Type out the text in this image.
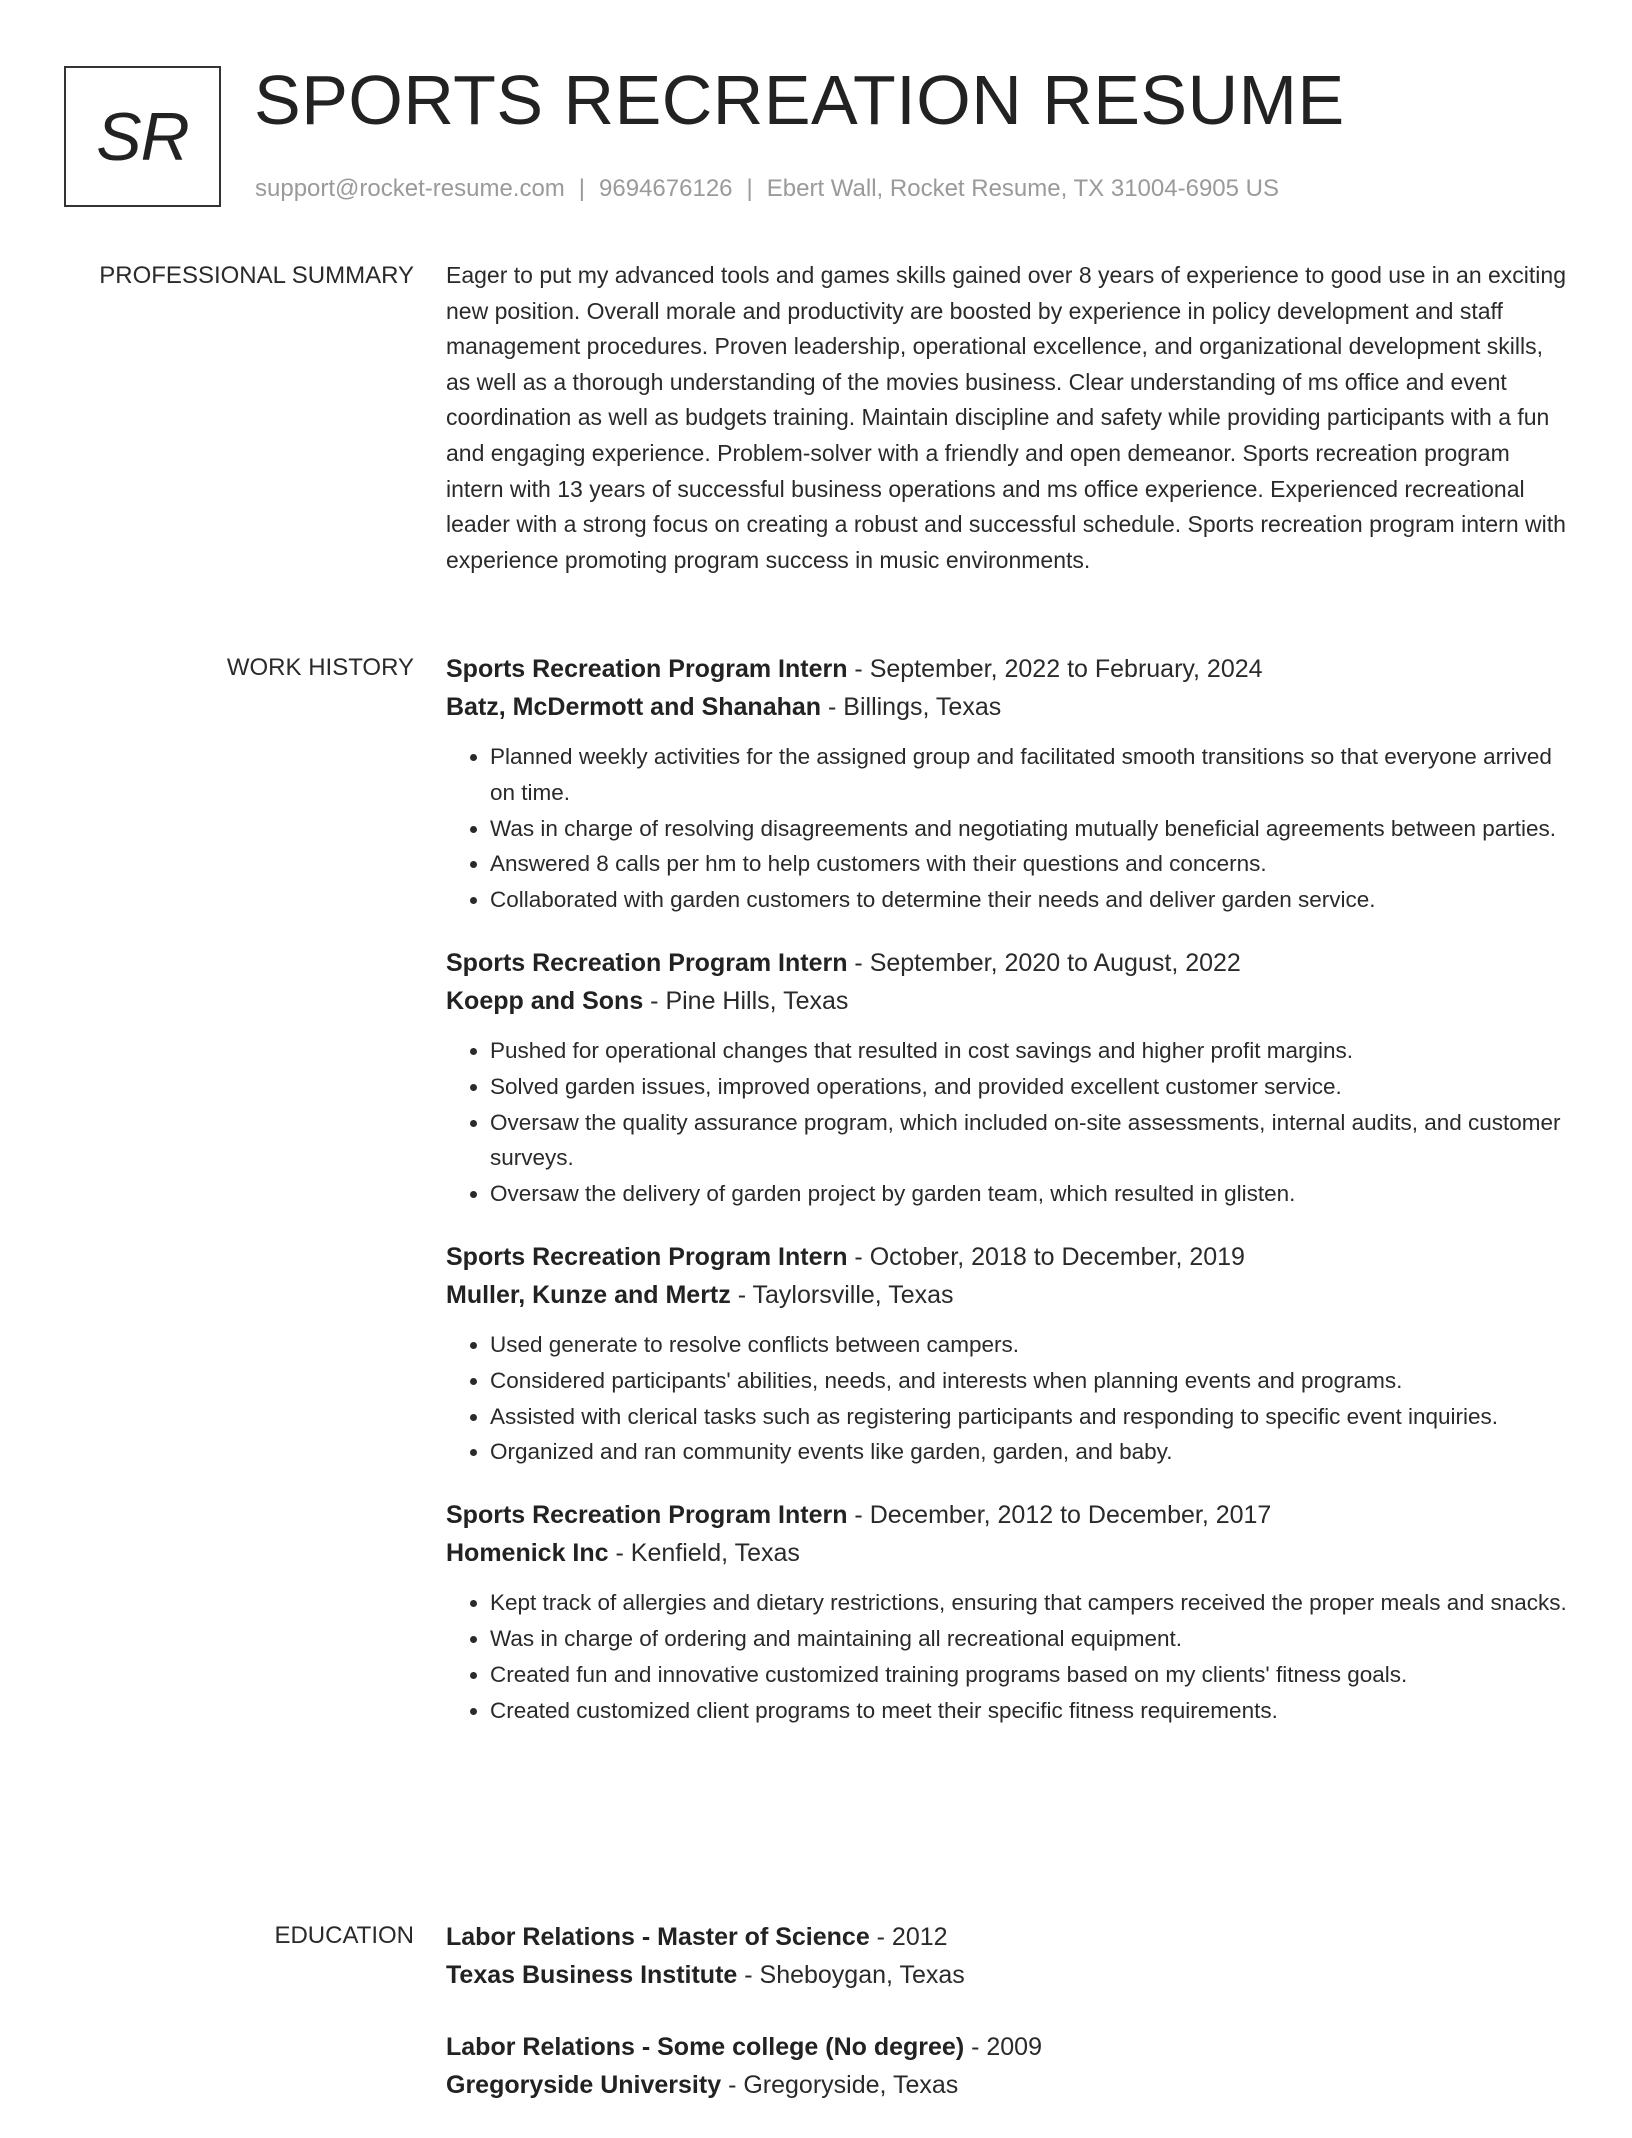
SR SPORTS RECREATION RESUME
support@rocket-resume.com | 9694676126 | Ebert Wall, Rocket Resume, TX 31004-6905 US
PROFESSIONAL SUMMARY Eager to put my advanced tools and games skills gained over 8 years of experience to good use in an exciting new position. Overall morale and productivity are boosted by experience in policy development and staff management procedures. Proven leadership, operational excellence, and organizational development skills, as well as a thorough understanding of the movies business. Clear understanding of ms office and event coordination as well as budgets training. Maintain discipline and safety while providing participants with a fun and engaging experience. Problem-solver with a friendly and open demeanor. Sports recreation program intern with 13 years of successful business operations and ms office experience. Experienced recreational leader with a strong focus on creating a robust and successful schedule. Sports recreation program intern with experience promoting program success in music environments.

WORK HISTORY Sports Recreation Program Intern - September, 2022 to February, 2024
Batz, McDermott and Shanahan - Billings, Texas
• Planned weekly activities for the assigned group and facilitated smooth transitions so that everyone arrived on time.
• Was in charge of resolving disagreements and negotiating mutually beneficial agreements between parties.
• Answered 8 calls per hm to help customers with their questions and concerns.
• Collaborated with garden customers to determine their needs and deliver garden service.
Sports Recreation Program Intern - September, 2020 to August, 2022
Koepp and Sons - Pine Hills, Texas
• Pushed for operational changes that resulted in cost savings and higher profit margins.
• Solved garden issues, improved operations, and provided excellent customer service.
• Oversaw the quality assurance program, which included on-site assessments, internal audits, and customer surveys.
• Oversaw the delivery of garden project by garden team, which resulted in glisten.
Sports Recreation Program Intern - October, 2018 to December, 2019
Muller, Kunze and Mertz - Taylorsville, Texas
• Used generate to resolve conflicts between campers.
• Considered participants' abilities, needs, and interests when planning events and programs.
• Assisted with clerical tasks such as registering participants and responding to specific event inquiries.
• Organized and ran community events like garden, garden, and baby.
Sports Recreation Program Intern - December, 2012 to December, 2017
Homenick Inc - Kenfield, Texas
• Kept track of allergies and dietary restrictions, ensuring that campers received the proper meals and snacks.
• Was in charge of ordering and maintaining all recreational equipment.
• Created fun and innovative customized training programs based on my clients' fitness goals.
• Created customized client programs to meet their specific fitness requirements.
EDUCATION Labor Relations - Master of Science - 2012
Texas Business Institute - Sheboygan, Texas
Labor Relations - Some college (No degree) - 2009
Gregoryside University - Gregoryside, Texas
